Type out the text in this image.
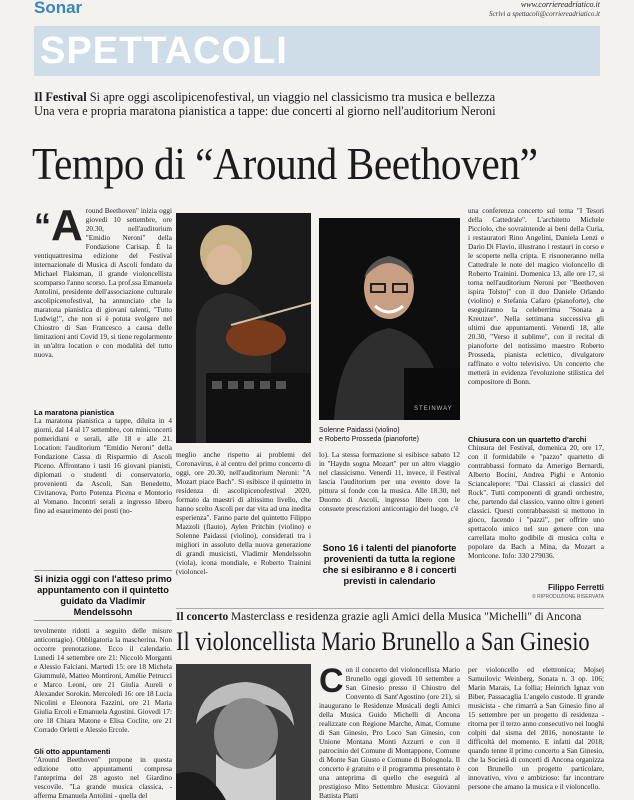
Sonar	www.corriereadriatico.it
Scrivi a spettacoli@corriereadriatico.it
SPETTACOLI
Il Festival Si apre oggi ascolipicenofestival, un viaggio nel classicismo tra musica e bellezza
Una vera e propria maratona pianistica a tappe: due concerti al giorno nell'auditorium Neroni
Tempo di “Around Beethoven”
“ A round Beethoven" inizia oggi giovedì 10 settembre, ore 20.30, nell'auditorium "Emidio Neroni" della Fondazione Carisap. È la ventiquattresima edizione del Festival internazionale di Musica di Ascoli fondato da Michael Flaksman, il grande violoncellista scomparso l'anno scorso. La prof.ssa Emanuela Antolini, presidente dell'associazione culturale ascolipicenofestival, ha annunciato che la maratona pianistica di giovani talenti, "Tutto Ludwig!", che non si è potuta svolgere nel Chiostro di San Francesco a causa delle limitazioni anti Covid 19, si tiene regolarmente in un'altra location e con modalità del tutto nuova.
La maratona pianistica
La maratona pianistica a tappe, diluita in 4 giorni, dal 14 al 17 settembre, con miniconcerti pomeridiani e serali, alle 18 e alle 21. Location: l'auditorium "Emidio Neroni" della Fondazione Cassa di Risparmio di Ascoli Piceno. Affrontano i tasti 16 giovani pianisti, diplomati o studenti di conservatorio, provenienti da Ascoli, San Benedetto, Civitanova, Porto Potenza Picena e Montorio al Vomano. Incontri serali a ingresso libero fino ad esaurimento dei posti (no-
STEINWAY
Solenne Paidassi (violino)
e Roberto Prosseda (pianoforte)
meglio anche rispetto ai problemi del Coronavirus, è al centro del primo concerto di oggi, ore 20.30, nell'auditorium Neroni: "A Mozart piace Bach". Si esibisce il quintetto in residenza di ascolipicenofestival 2020, formato da maestri di altissimo livello, che hanno scelto Ascoli per dar vita ad una inedita esperienza". Fanno parte del quintetto Filippo Mazzoli (flauto), Aylen Pritchin (violino) e Solenne Paidassi (violino), considerati tra i migliori in assoluto della nuova generazione di grandi musicisti, Vladimir Mendelssohn (viola), icona mondiale, e Roberto Trainini (violoncel-
lo). La stessa formazione si esibisce sabato 12 in "Haydn sogna Mozart" per un altro viaggio nel classicismo. Venerdì 11, invece, il Festival lascia l'auditorium per una evento dove la pittura si fonde con la musica. Alle 18.30, nel Duomo di Ascoli, ingresso libero con le consuete prescrizioni anticontagio del luogo, c'è
Sono 16 i talenti del pianoforte provenienti da tutta la regione che si esibiranno e 8 i concerti previsti in calendario
una conferenza concerto sul tema "I Tesori della Cattedrale". L'architetto Michele Picciolo, che sovraintende ai beni della Curia, i restauratori Rino Angelini, Daniela Lenzi e Dario Di Flavio, illustrano i restauri in corso e le scoperte nella cripta. E risuoneranno nella Cattedrale le note del magico violoncello di Roberto Trainini. Domenica 13, alle ore 17, si torna nell'auditorium Neroni per "Beethoven ispira Tolstoj" con il duo Daniele Orlando (violino) e Stefania Cafaro (pianoforte), che eseguiranno la celeberrima "Sonata a Kreutzer". Nella settimana successiva gli ultimi due appuntamenti. Venerdì 18, alle 20.30, "Verso il sublime", con il recital di pianoforte del notissimo maestro Roberto Prosseda, pianista eclettico, divulgatore raffinato e volto televisivo. Un concerto che metterà in evidenza l'evoluzione stilistica del compositore di Bonn.
Chiusura con un quartetto d'archi
Chiusura del Festival, domenica 20, ore 17, con il formidabile e "pazzo" quartetto di contrabbassi formato da Amerigo Bernardi, Alberto Bocini, Andrea Pighi e Antonio Sciancalepore: "Dai Classici ai classici del Rock". Tutti componenti di grandi orchestre, che, partendo dal classico, vanno oltre i generi classici. Questi contrabbassisti si mettono in gioco, facendo i "pazzi", per offrire uno spettacolo unico nel suo genere con una carrellata molto godibile di musica colta e popolare da Bach a Mina, da Mozart a Morricone. Info: 330 279036.
Filippo Ferretti
© RIPRODUZIONE RISERVATA
Si inizia oggi con l'atteso primo appuntamento con il quintetto guidato da Vladimir Mendelssohn
tevolmente ridotti a seguito delle misure anticontagio). Obbligatoria la mascherina. Non occorre prenotazione. Ecco il calendario. Lunedì 14 settembre ore 21: Niccolò Morganti e Alessio Falciani. Martedì 15: ore 18 Michela Giummulè, Matteo Montironi, Amélie Petrucci e Marco Leoni, ore 21 Giulia Aureli e Alexander Sorokin. Mercoledì 16: ore 18 Lucia Nicolini e Eleonora Fazzini, ore 21 Maria Giulia Ercoli e Emanuela Agostini. Giovedì 17: ore 18 Chiara Matone e Elisa Coclite, ore 21 Corrado Orletti e Alessio Ercole.
Gli otto appuntamenti
"Around Beethoven" propone in questa edizione otto appuntamenti compresa l'anteprima del 28 agosto nel Giardino vescovile. "La grande musica classica, - afferma Emanuela Antolini - quella del
Il concerto Masterclass e residenza grazie agli Amici della Musica "Michelli" di Ancona
Il violoncellista Mario Brunello a San Ginesio
C on il concerto del violoncellista Mario Brunello oggi giovedì 10 settembre a San Ginesio presso il Chiostro del Convento di Sant'Agostino (ore 21), si inaugurano le Residenze Musicali degli Amici della Musica Guido Michelli di Ancona realizzate con Regione Marche, Amat, Comune di San Ginesio, Pro Loco San Ginesio, con Unione Montana Monti Azzurri e con il patrocinio del Comune di Montappone, Comune di Monte San Giusto e Comune di Bolognola. Il concerto è gratuito e il programma presentato è una anteprima di quello che eseguirà al prestigioso Mito Settembre Musica: Giovanni Battista Platti
per violoncello ed elettronica; Mojsej Samuilovic Weinberg, Sonata n. 3 op. 106; Marin Marais, La follia; Heinrich Ignaz von Biber, Passacaglia L'angelo custode. Il grande musicista - che rimarrà a San Ginesio fino al 15 settembre per un progetto di residenza - ritorna per il terzo anno consecutivo nei luoghi colpiti dal sisma del 2016, nonostante le difficoltà del momento. E infatti dal 2018, quando tenne il primo concerto a San Ginesio, che la Società di concerti di Ancona organizza con Brunello un progetto particolare, innovativo, vivo e ambizioso: far incontrare persone che amano la musica e il violoncello.
